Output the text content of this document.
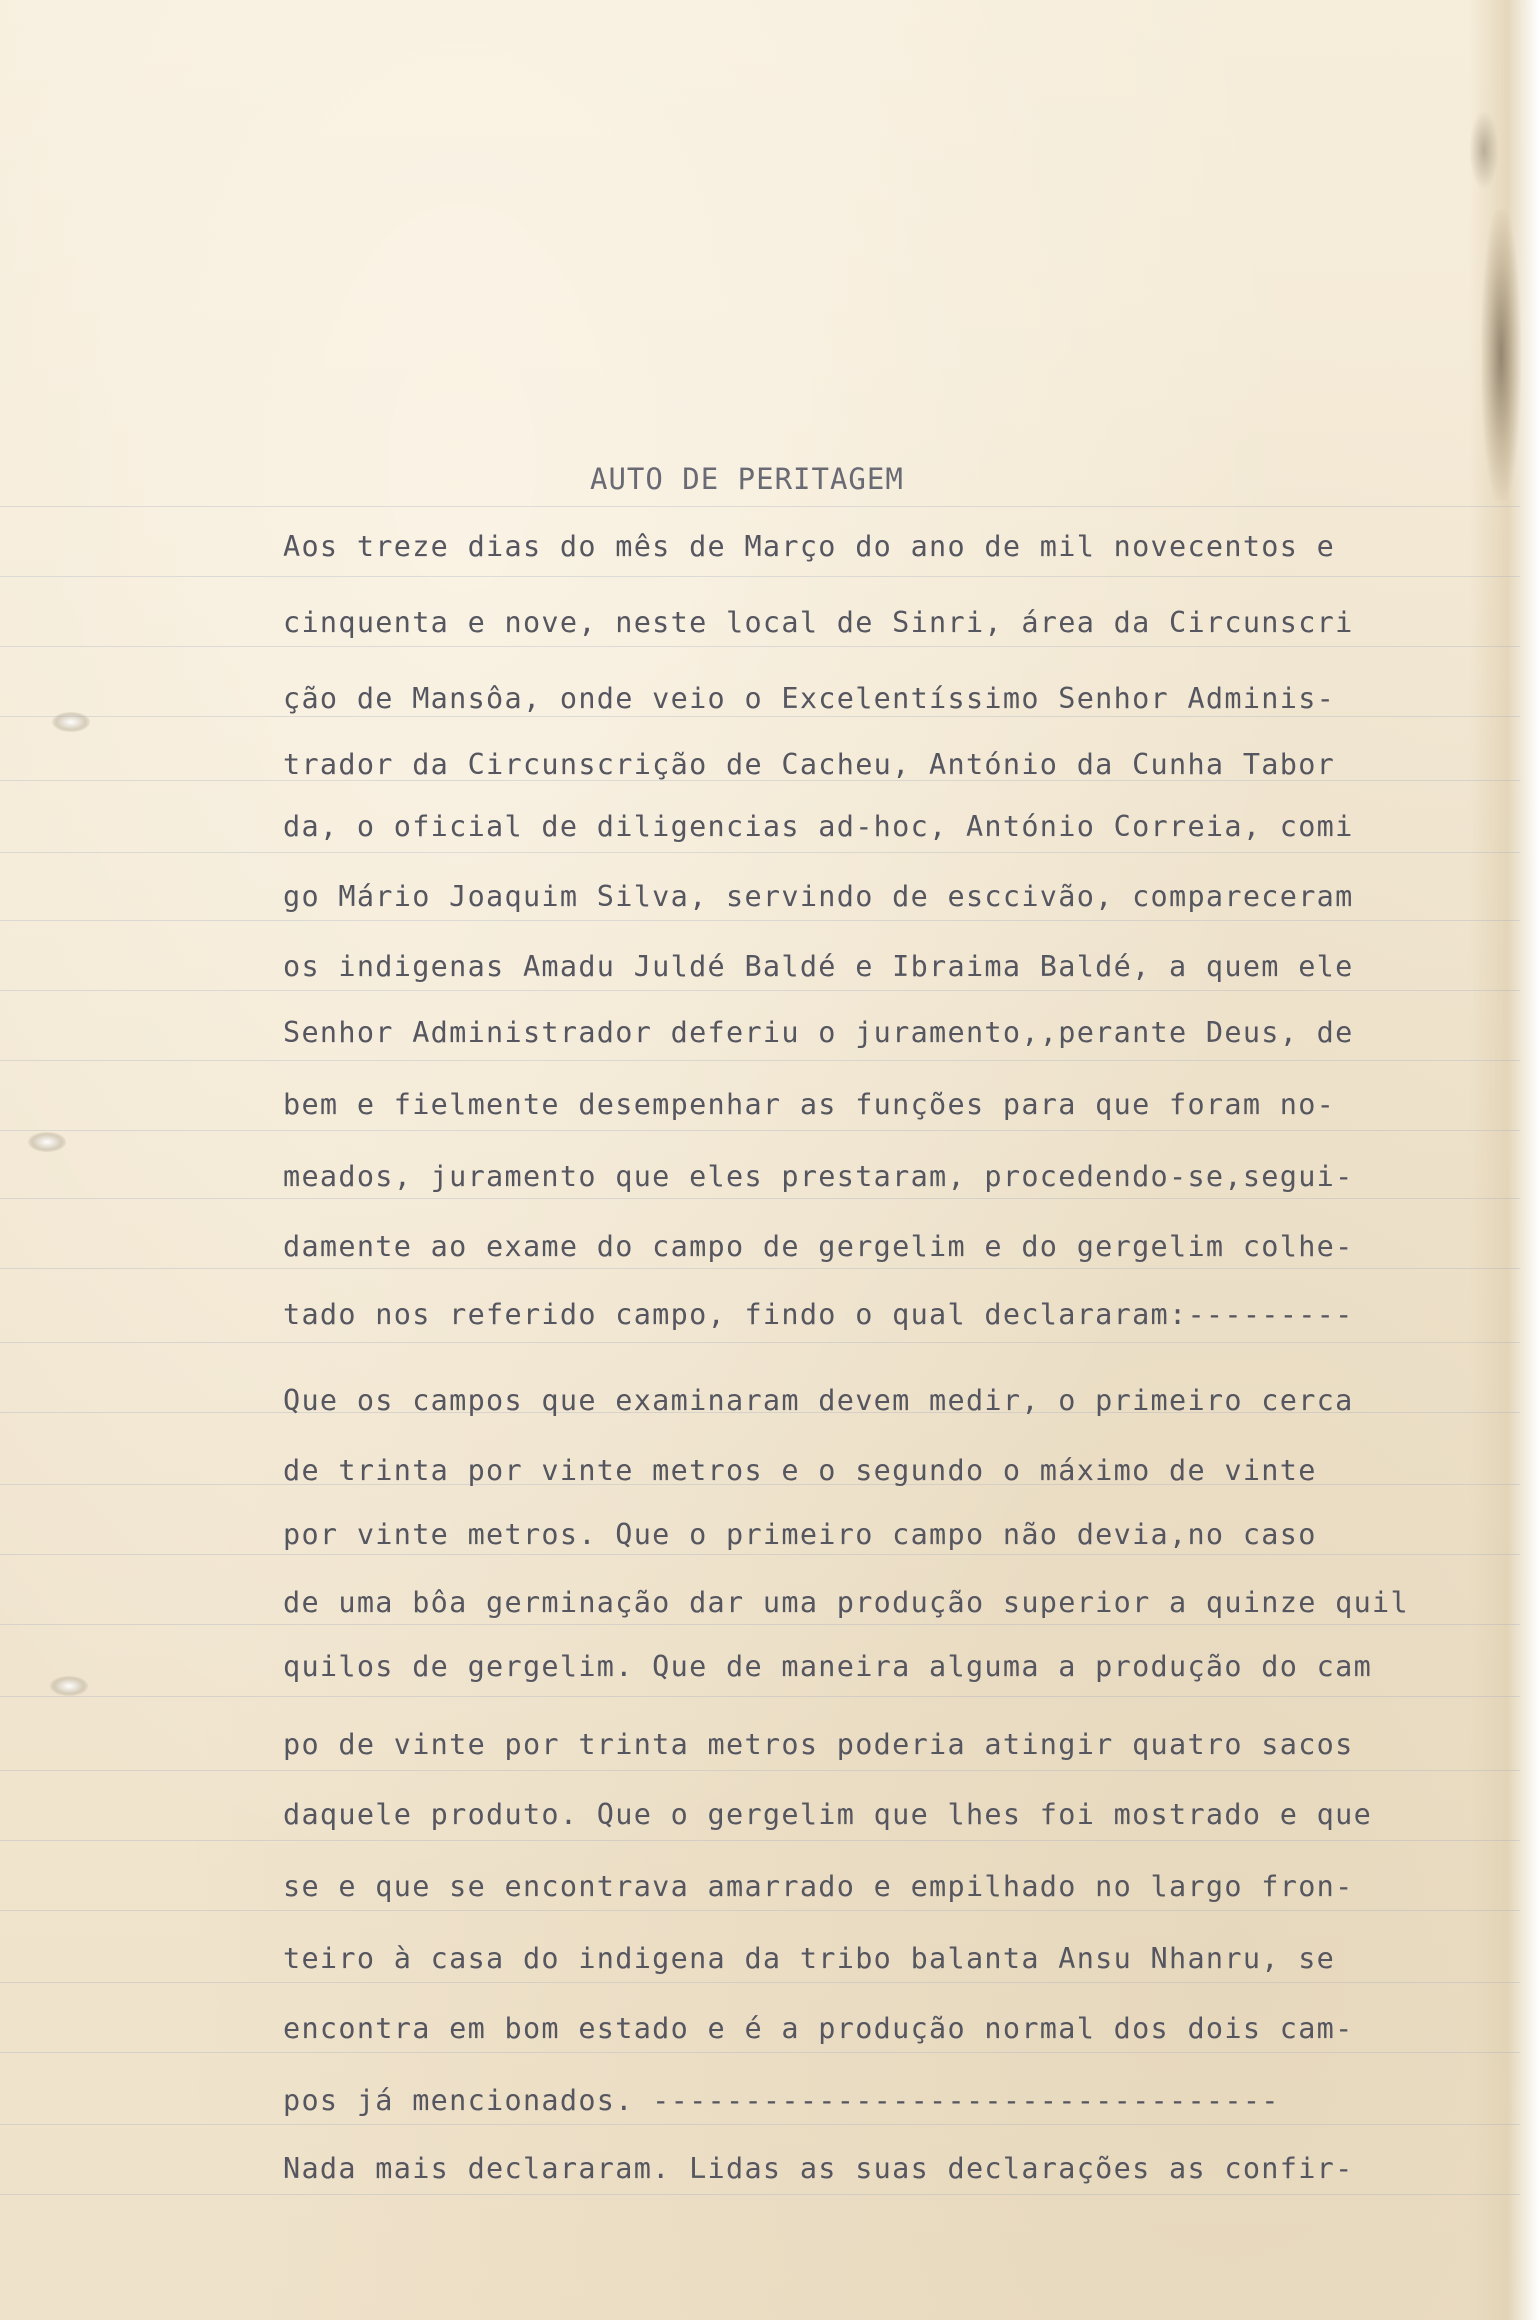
AUTO DE PERITAGEM
Aos treze dias do mês de Março do ano de mil novecentos e
cinquenta e nove, neste local de Sinri, área da Circunscri
ção de Mansôa, onde veio o Excelentíssimo Senhor Adminis-
trador da Circunscrição de Cacheu, António da Cunha Tabor
da, o oficial de diligencias ad-hoc, António Correia, comi
go Mário Joaquim Silva, servindo de esccivão, compareceram
os indigenas Amadu Juldé Baldé e Ibraima Baldé, a quem ele
Senhor Administrador deferiu o juramento,,perante Deus, de
bem e fielmente desempenhar as funções para que foram no-
meados, juramento que eles prestaram, procedendo-se,segui-
damente ao exame do campo de gergelim e do gergelim colhe-
tado nos referido campo, findo o qual declararam:---------
Que os campos que examinaram devem medir, o primeiro cerca
de trinta por vinte metros e o segundo o máximo de vinte
por vinte metros. Que o primeiro campo não devia,no caso
de uma bôa germinação dar uma produção superior a quinze quil
quilos de gergelim. Que de maneira alguma a produção do cam
po de vinte por trinta metros poderia atingir quatro sacos
daquele produto. Que o gergelim que lhes foi mostrado e que
se e que se encontrava amarrado e empilhado no largo fron-
teiro à casa do indigena da tribo balanta Ansu Nhanru, se
encontra em bom estado e é a produção normal dos dois cam-
pos já mencionados. ----------------------------------
Nada mais declararam. Lidas as suas declarações as confir-
